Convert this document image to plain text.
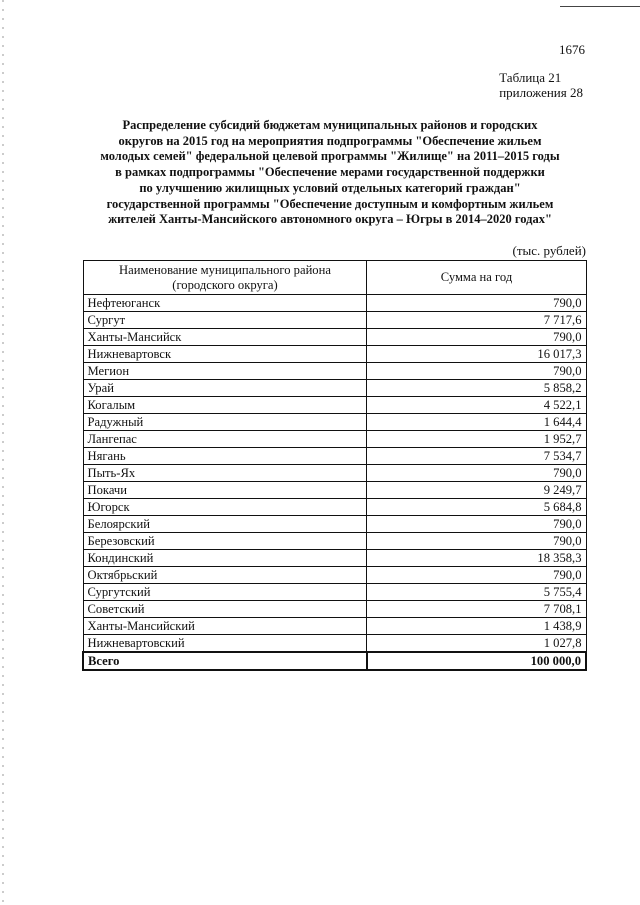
1676
Таблица 21
приложения 28
Распределение субсидий бюджетам муниципальных районов и городских
округов на 2015 год на мероприятия подпрограммы "Обеспечение жильем
молодых семей" федеральной целевой программы "Жилище" на 2011–2015 годы
в рамках подпрограммы "Обеспечение мерами государственной поддержки
по улучшению жилищных условий отдельных категорий граждан"
государственной программы "Обеспечение доступным и комфортным жильем
жителей Ханты-Мансийского автономного округа – Югры в 2014–2020 годах"
(тыс. рублей)
Наименование муниципального района
(городского округа)	Сумма на год
Нефтеюганск	790,0
Сургут	7 717,6
Ханты-Мансийск	790,0
Нижневартовск	16 017,3
Мегион	790,0
Урай	5 858,2
Когалым	4 522,1
Радужный	1 644,4
Лангепас	1 952,7
Нягань	7 534,7
Пыть-Ях	790,0
Покачи	9 249,7
Югорск	5 684,8
Белоярский	790,0
Березовский	790,0
Кондинский	18 358,3
Октябрьский	790,0
Сургутский	5 755,4
Советский	7 708,1
Ханты-Мансийский	1 438,9
Нижневартовский	1 027,8
Всего	100 000,0
